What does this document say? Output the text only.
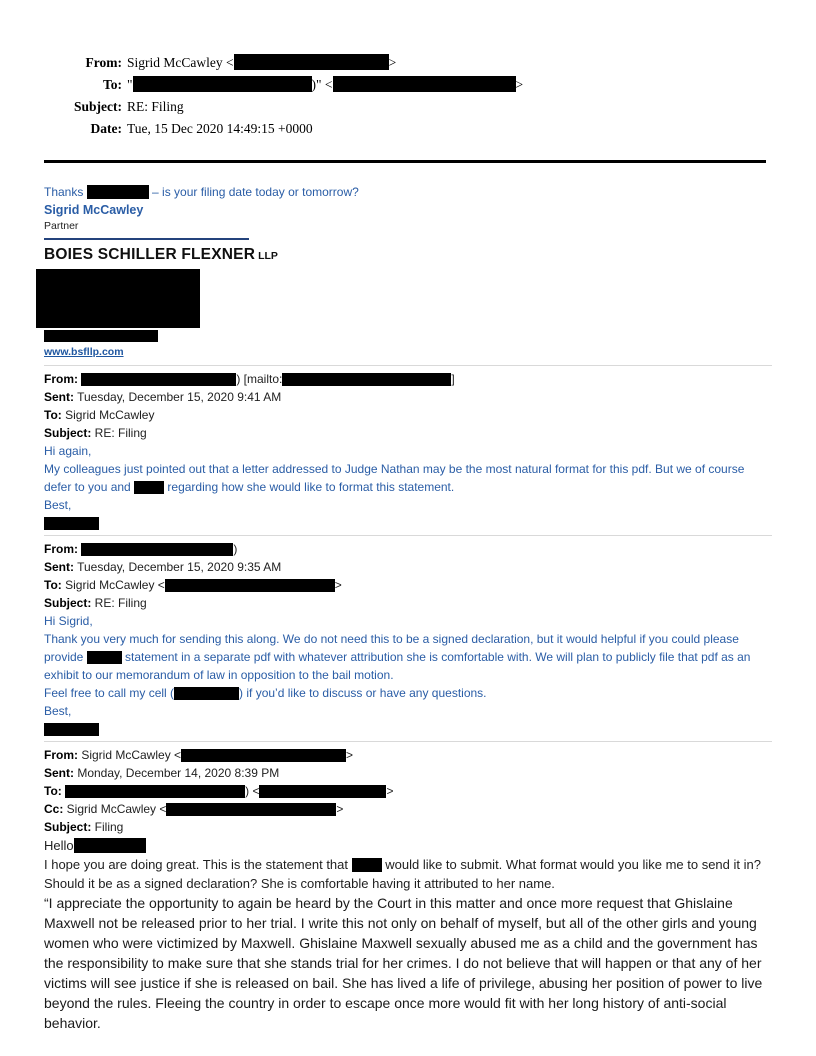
From: Sigrid McCawley <	>
To: "	)" <	>
Subject: RE: Filing
Date: Tue, 15 Dec 2020 14:49:15 +0000
Thanks	– is your filing date today or tomorrow?
Sigrid McCawley
Partner
BOIES SCHILLER FLEXNER LLP
www.bsfllp.com
From:	) [mailto:	]
Sent: Tuesday, December 15, 2020 9:41 AM
To: Sigrid McCawley
Subject: RE: Filing
Hi again,
My colleagues just pointed out that a letter addressed to Judge Nathan may be the most natural format for this pdf. But we of course defer to you and	regarding how she would like to format this statement.
Best,
From:	)
Sent: Tuesday, December 15, 2020 9:35 AM
To: Sigrid McCawley <	>
Subject: RE: Filing
Hi Sigrid,
Thank you very much for sending this along. We do not need this to be a signed declaration, but it would helpful if you could please provide	statement in a separate pdf with whatever attribution she is comfortable with. We will plan to publicly file that pdf as an exhibit to our memorandum of law in opposition to the bail motion.
Feel free to call my cell (	) if you’d like to discuss or have any questions.
Best,
From: Sigrid McCawley <	>
Sent: Monday, December 14, 2020 8:39 PM
To:	) <	>
Cc: Sigrid McCawley <	>
Subject: Filing
Hello
I hope you are doing great. This is the statement that  would like to submit. What format would you like me to send it in? Should it be as a signed declaration? She is comfortable having it attributed to her name.
“I appreciate the opportunity to again be heard by the Court in this matter and once more request that Ghislaine Maxwell not be released prior to her trial. I write this not only on behalf of myself, but all of the other girls and young women who were victimized by Maxwell. Ghislaine Maxwell sexually abused me as a child and the government has the responsibility to make sure that she stands trial for her crimes. I do not believe that will happen or that any of her victims will see justice if she is released on bail. She has lived a life of privilege, abusing her position of power to live beyond the rules. Fleeing the country in order to escape once more would fit with her long history of anti-social behavior.
